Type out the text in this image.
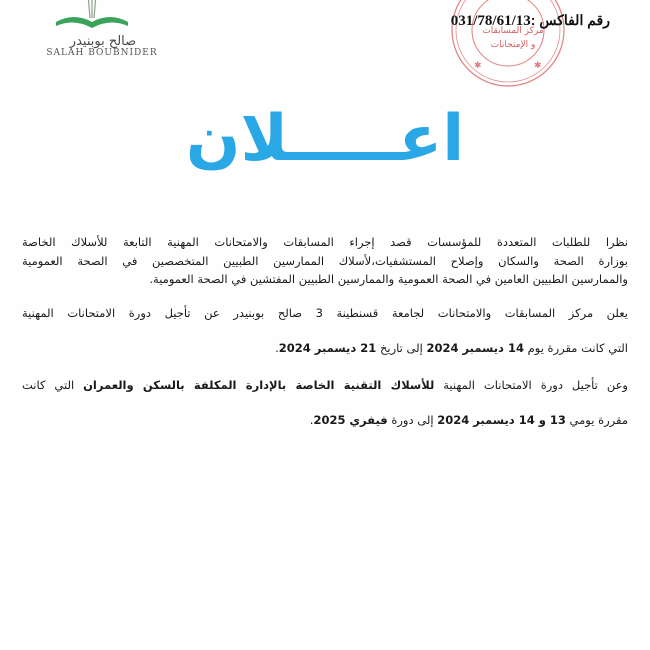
صالح بوبنيدر
SALAH BOUBNIDER
✱	✱
مركز المسابقات
و الإمتحانات
رقم الفاكس :031/78/61/13
اعـــــلان
نظرا للطلبات المتعددة للمؤسسات قصد إجراء المسابقات والامتحانات المهنية التابعة للأسلاك الخاصة
بوزارة الصحة والسكان وإصلاح المستشفيات،لأسلاك الممارسين الطبيين المتخصصين في الصحة العمومية
والممارسين الطبيين العامين في الصحة العمومية والممارسين الطبيين المفتشين في الصحة العمومية.
يعلن مركز المسابقات والامتحانات لجامعة قسنطينة 3 صالح بوبنيدر عن تأجيل دورة الامتحانات المهنية
التي كانت مقررة يوم 14 ديسمبر 2024 إلى تاريخ 21 ديسمبر 2024.
وعن تأجيل دورة الامتحانات المهنية للأسلاك التقنية الخاصة بالإدارة المكلفة بالسكن والعمران التي كانت
مقررة يومي 13 و 14 ديسمبر 2024 إلى دورة فيفري 2025.
